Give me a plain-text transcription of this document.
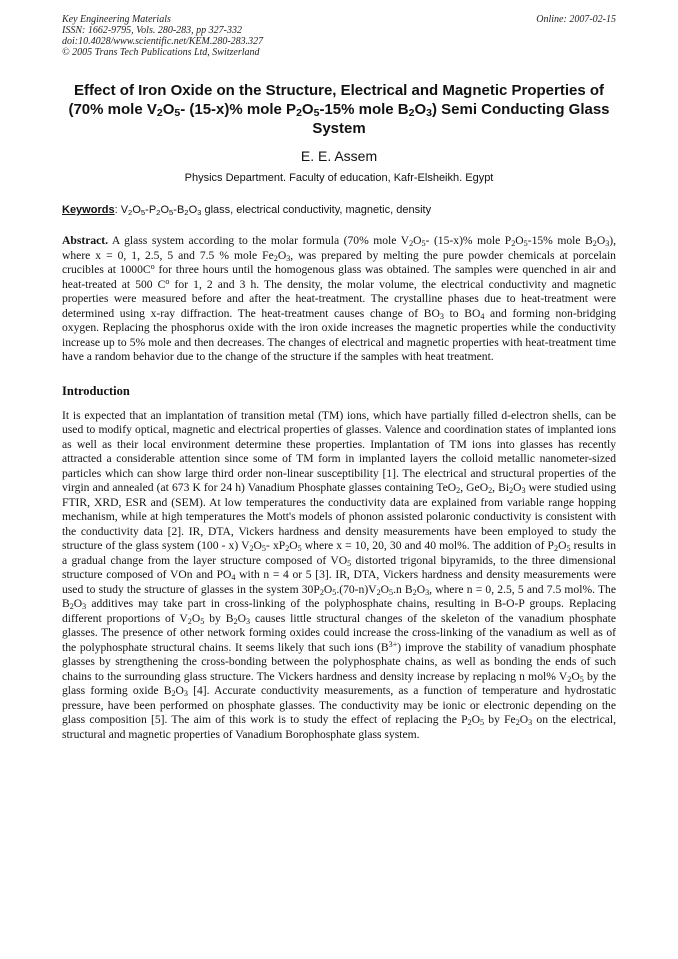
Key Engineering Materials
ISSN: 1662-9795, Vols. 280-283, pp 327-332
doi:10.4028/www.scientific.net/KEM.280-283.327
© 2005 Trans Tech Publications Ltd, Switzerland
Online: 2007-02-15
Effect of Iron Oxide on the Structure, Electrical and Magnetic Properties of (70% mole $V_2O_5-$ (15-x)% mole $P_2O_5-15\%$ mole $B_2O_3$) Semi Conducting Glass System
E. E. Assem
Physics Department. Faculty of education, Kafr-Elsheikh. Egypt
Keywords: $V_2O_5-P_2O_5-B_2O_3$ glass, electrical conductivity, magnetic, density
Abstract. A glass system according to the molar formula (70% mole $V_2O_5-$ (15-x)% mole $P_2O_5-15\%$ mole $B_2O_3$), where x = 0, 1, 2.5, 5 and 7.5 % mole $Fe_2O_3$, was prepared by melting the pure powder chemicals at porcelain crucibles at $1000C^o$ for three hours until the homogenous glass was obtained. The samples were quenched in air and heat-treated at 500 $C^o$ for 1, 2 and 3 h. The density, the molar volume, the electrical conductivity and magnetic properties were measured before and after the heat-treatment. The crystalline phases due to heat-treatment were determined using x-ray diffraction. The heat-treatment causes change of $BO_3$ to $BO_4$ and forming non-bridging oxygen. Replacing the phosphorus oxide with the iron oxide increases the magnetic properties while the conductivity increase up to 5% mole and then decreases. The changes of electrical and magnetic properties with heat-treatment time have a random behavior due to the change of the structure if the samples with heat treatment.
Introduction
It is expected that an implantation of transition metal (TM) ions, which have partially filled d-electron shells, can be used to modify optical, magnetic and electrical properties of glasses. Valence and coordination states of implanted ions as well as their local environment determine these properties. Implantation of TM ions into glasses has recently attracted a considerable attention since some of TM form in implanted layers the colloid metallic nanometer-sized particles which can show large third order non-linear susceptibility [1]. The electrical and structural properties of the virgin and annealed (at 673 K for 24 h) Vanadium Phosphate glasses containing TeO$_2$, GeO$_2$, $Bi_2O_3$ were studied using FTIR, XRD, ESR and (SEM). At low temperatures the conductivity data are explained from variable range hopping mechanism, while at high temperatures the Mott's models of phonon assisted polaronic conductivity is consistent with the conductivity data [2]. IR, DTA, Vickers hardness and density measurements have been employed to study the structure of the glass system (100 - x) $V_2O_5-$ $xP_2O_5$ where x = 10, 20, 30 and 40 mol%. The addition of $P_2O_5$ results in a gradual change from the layer structure composed of $VO_5$ distorted trigonal bipyramids, to the three dimensional structure composed of VOn and $PO_4$ with n = 4 or 5 [3]. IR, DTA, Vickers hardness and density measurements were used to study the structure of glasses in the system $30P_2O_5.(70-n)V_2O_5.n$ $B_2O_3$, where n = 0, 2.5, 5 and 7.5 mol%. The $B_2O_3$ additives may take part in cross-linking of the polyphosphate chains, resulting in B-O-P groups. Replacing different proportions of $V_2O_5$ by $B_2O_3$ causes little structural changes of the skeleton of the vanadium phosphate glasses. The presence of other network forming oxides could increase the cross-linking of the vanadium as well as of the polyphosphate structural chains. It seems likely that such ions $(B^{3+})$ improve the stability of vanadium phosphate glasses by strengthening the cross-bonding between the polyphosphate chains, as well as bonding the ends of such chains to the surrounding glass structure. The Vickers hardness and density increase by replacing n mol% $V_2O_5$ by the glass forming oxide $B_2O_3$ [4]. Accurate conductivity measurements, as a function of temperature and hydrostatic pressure, have been performed on phosphate glasses. The conductivity may be ionic or electronic depending on the glass composition [5]. The aim of this work is to study the effect of replacing the $P_2O_5$ by $Fe_2O_3$ on the electrical, structural and magnetic properties of Vanadium Borophosphate glass system.
